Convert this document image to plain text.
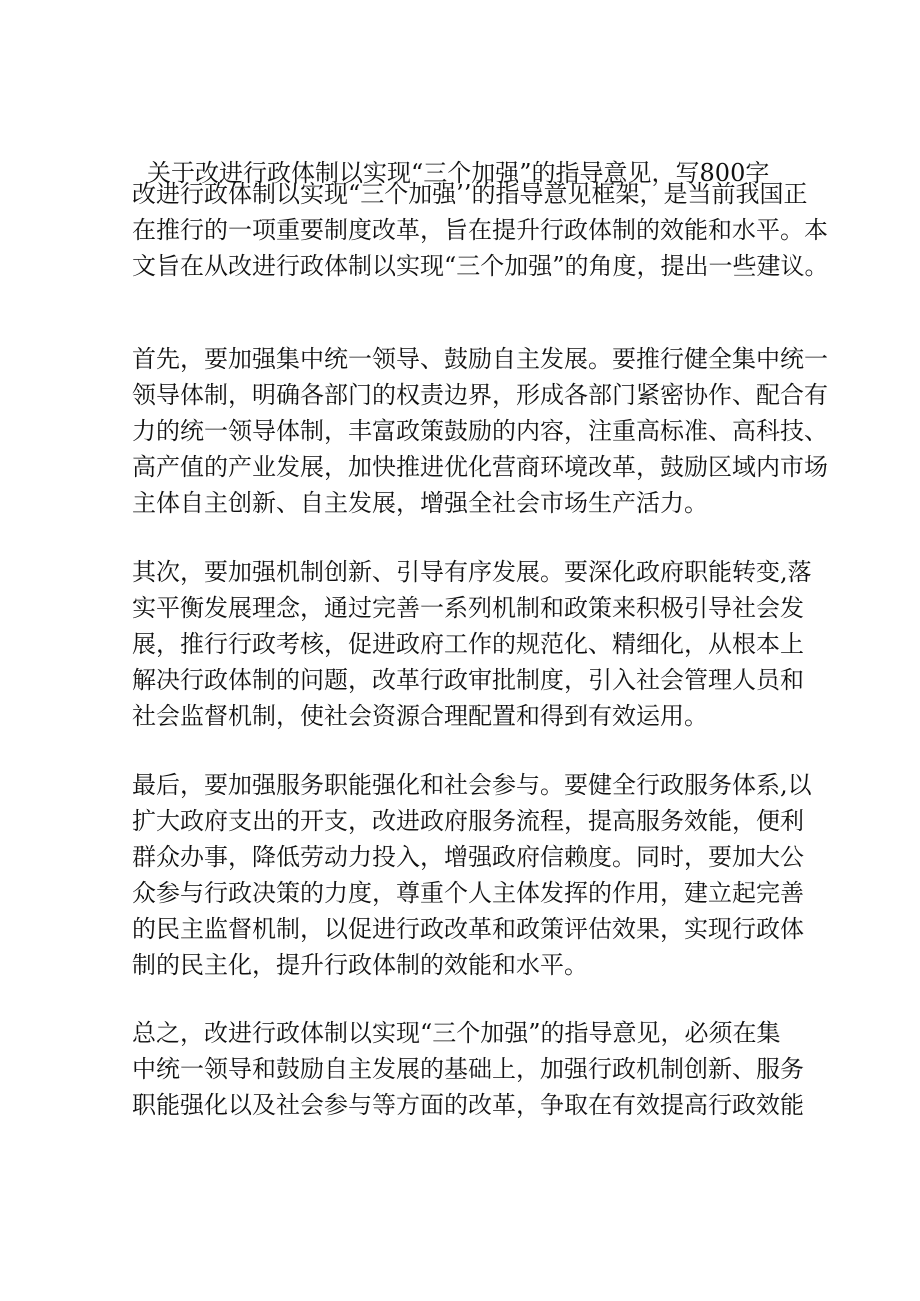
关于改进行政体制以实现“三个加强”的指导意见，写800字
改进行政体制以实现“三个加强’’的指导意见框架，是当前我国正
在推行的一项重要制度改革，旨在提升行政体制的效能和水平。本
文旨在从改进行政体制以实现“三个加强”的角度，提出一些建议。
首先，要加强集中统一领导、鼓励自主发展。要推行健全集中统一
领导体制，明确各部门的权责边界，形成各部门紧密协作、配合有
力的统一领导体制，丰富政策鼓励的内容，注重高标准、高科技、
高产值的产业发展，加快推进优化营商环境改革，鼓励区域内市场
主体自主创新、自主发展，增强全社会市场生产活力。
其次，要加强机制创新、引导有序发展。要深化政府职能转变,落
实平衡发展理念，通过完善一系列机制和政策来积极引导社会发
展，推行行政考核，促进政府工作的规范化、精细化，从根本上
解决行政体制的问题，改革行政审批制度，引入社会管理人员和
社会监督机制，使社会资源合理配置和得到有效运用。
最后，要加强服务职能强化和社会参与。要健全行政服务体系,以
扩大政府支出的开支，改进政府服务流程，提高服务效能，便利
群众办事，降低劳动力投入，增强政府信赖度。同时，要加大公
众参与行政决策的力度，尊重个人主体发挥的作用，建立起完善
的民主监督机制，以促进行政改革和政策评估效果，实现行政体
制的民主化，提升行政体制的效能和水平。
总之，改进行政体制以实现“三个加强”的指导意见，必须在集
中统一领导和鼓励自主发展的基础上，加强行政机制创新、服务
职能强化以及社会参与等方面的改革，争取在有效提高行政效能
